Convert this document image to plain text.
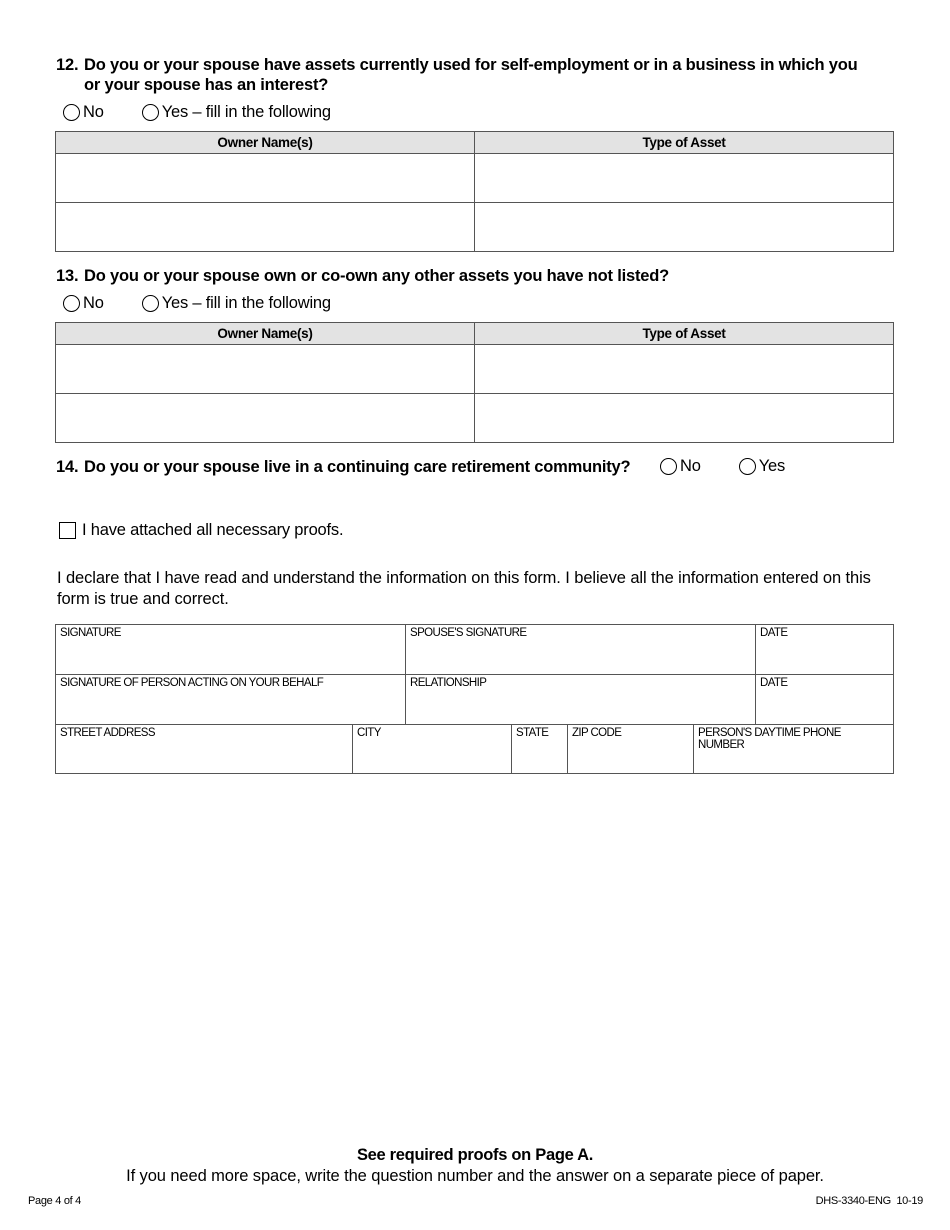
12. Do you or your spouse have assets currently used for self-employment or in a business in which you or your spouse has an interest?
No	Yes – fill in the following
Owner Name(s)	Type of Asset

13. Do you or your spouse own or co-own any other assets you have not listed?
No	Yes – fill in the following
Owner Name(s)	Type of Asset

14. Do you or your spouse live in a continuing care retirement community?	No	Yes
I have attached all necessary proofs.
I declare that I have read and understand the information on this form. I believe all the information entered on this form is true and correct.
SIGNATURE	SPOUSE'S SIGNATURE	DATE
SIGNATURE OF PERSON ACTING ON YOUR BEHALF	RELATIONSHIP	DATE
STREET ADDRESS	CITY	STATE	ZIP CODE	PERSON'S DAYTIME PHONE NUMBER
See required proofs on Page A.
If you need more space, write the question number and the answer on a separate piece of paper.
Page 4 of 4	DHS-3340-ENG  10-19
